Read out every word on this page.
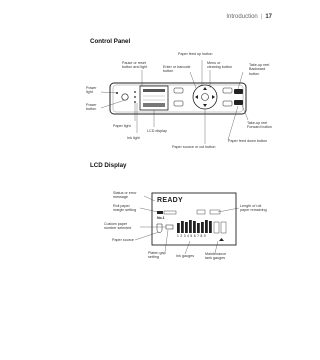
Introduction | 17
Control Panel
Paper feed up button
Pause or reset
button and light
Menu or
cleaning button
Take-up reel
Backward
button
Enter or barcode
button
Power
light
Power
button
Paper light
Ink light
LCD display
Take-up reel
Forward button
Paper feed down button
Paper source or cut button
LCD Display
READY
No.1
1 2 3 4 5 6 7 8 9
Status or error
message
Roll paper
margin setting
Custom paper
number selected
Paper source
Platen gap
setting	Ink gauges	Maintenance
tank gauges
Length of roll
paper remaining
